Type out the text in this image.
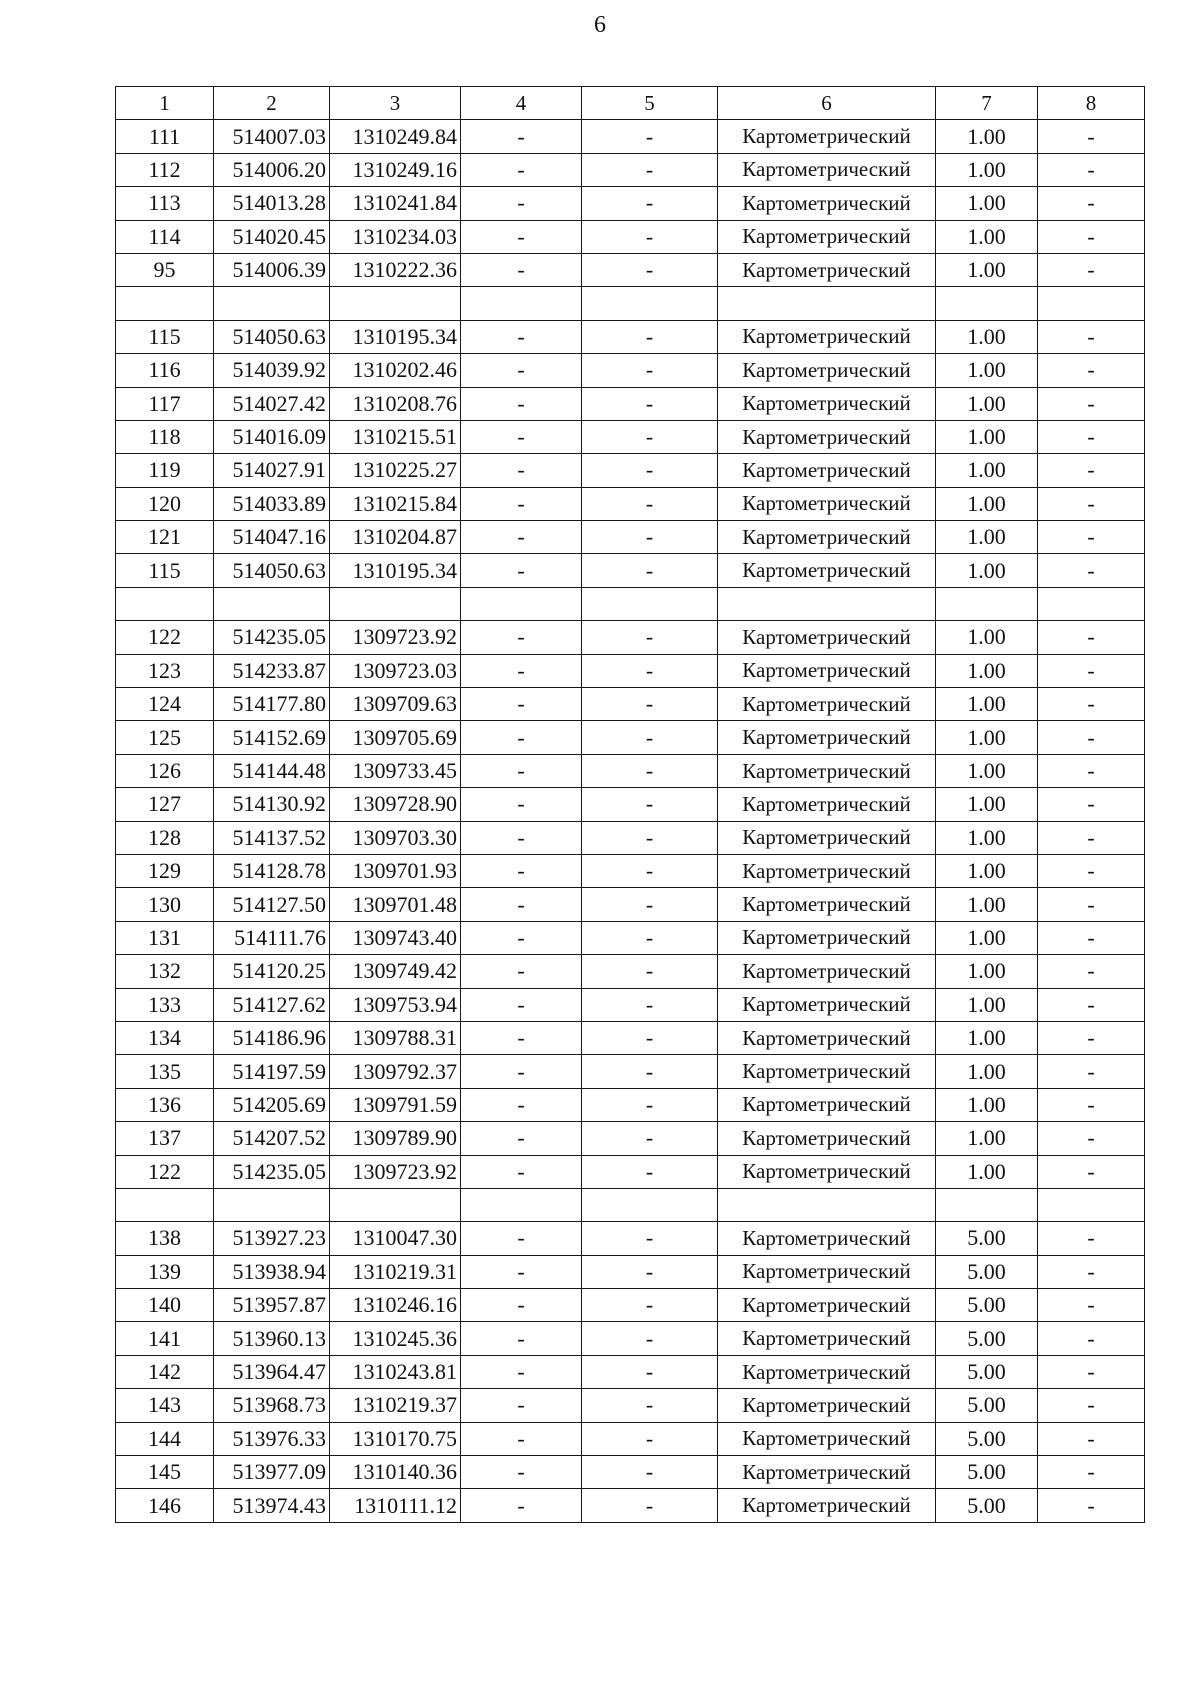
6
1	2	3	4	5	6	7	8
111	514007.03	1310249.84	-	-	Картометрический	1.00	-
112	514006.20	1310249.16	-	-	Картометрический	1.00	-
113	514013.28	1310241.84	-	-	Картометрический	1.00	-
114	514020.45	1310234.03	-	-	Картометрический	1.00	-
95	514006.39	1310222.36	-	-	Картометрический	1.00	-

115	514050.63	1310195.34	-	-	Картометрический	1.00	-
116	514039.92	1310202.46	-	-	Картометрический	1.00	-
117	514027.42	1310208.76	-	-	Картометрический	1.00	-
118	514016.09	1310215.51	-	-	Картометрический	1.00	-
119	514027.91	1310225.27	-	-	Картометрический	1.00	-
120	514033.89	1310215.84	-	-	Картометрический	1.00	-
121	514047.16	1310204.87	-	-	Картометрический	1.00	-
115	514050.63	1310195.34	-	-	Картометрический	1.00	-

122	514235.05	1309723.92	-	-	Картометрический	1.00	-
123	514233.87	1309723.03	-	-	Картометрический	1.00	-
124	514177.80	1309709.63	-	-	Картометрический	1.00	-
125	514152.69	1309705.69	-	-	Картометрический	1.00	-
126	514144.48	1309733.45	-	-	Картометрический	1.00	-
127	514130.92	1309728.90	-	-	Картометрический	1.00	-
128	514137.52	1309703.30	-	-	Картометрический	1.00	-
129	514128.78	1309701.93	-	-	Картометрический	1.00	-
130	514127.50	1309701.48	-	-	Картометрический	1.00	-
131	514111.76	1309743.40	-	-	Картометрический	1.00	-
132	514120.25	1309749.42	-	-	Картометрический	1.00	-
133	514127.62	1309753.94	-	-	Картометрический	1.00	-
134	514186.96	1309788.31	-	-	Картометрический	1.00	-
135	514197.59	1309792.37	-	-	Картометрический	1.00	-
136	514205.69	1309791.59	-	-	Картометрический	1.00	-
137	514207.52	1309789.90	-	-	Картометрический	1.00	-
122	514235.05	1309723.92	-	-	Картометрический	1.00	-

138	513927.23	1310047.30	-	-	Картометрический	5.00	-
139	513938.94	1310219.31	-	-	Картометрический	5.00	-
140	513957.87	1310246.16	-	-	Картометрический	5.00	-
141	513960.13	1310245.36	-	-	Картометрический	5.00	-
142	513964.47	1310243.81	-	-	Картометрический	5.00	-
143	513968.73	1310219.37	-	-	Картометрический	5.00	-
144	513976.33	1310170.75	-	-	Картометрический	5.00	-
145	513977.09	1310140.36	-	-	Картометрический	5.00	-
146	513974.43	1310111.12	-	-	Картометрический	5.00	-
